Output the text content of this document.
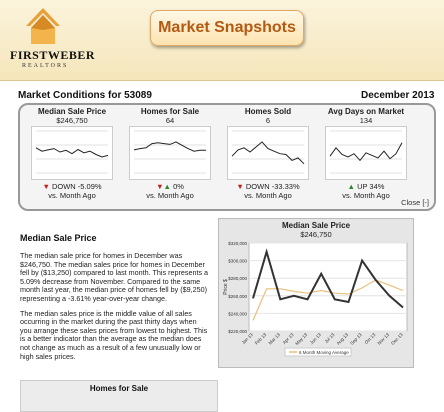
FIRSTWEBER
REALTORS
Market Snapshots
Market Conditions for 53089	December 2013
Median Sale Price
$246,750
▼ DOWN -5.09%
vs. Month Ago
Homes for Sale
64
▼▲ 0%
vs. Month Ago
Homes Sold
6
▼ DOWN -33.33%
vs. Month Ago
Avg Days on Market
134
▲ UP 34%
vs. Month Ago
Close [-]
Median Sale Price

The median sale price for homes in December was $246,750. The median sales price for homes in December fell by ($13,250) compared to last month. This represents a 5.09% decrease from November. Compared to the same month last year, the median price of homes fell by ($9,250) representing a -3.61% year-over-year change.

The median sales price is the middle value of all sales occurring in the market during the past thirty days when you arrange these sales prices from lowest to highest. This is a better indicator than the average as the median does not change as much as a result of a few unusually low or high sales prices.

Median Sale Price
$246,750
$220,000
$240,000
$260,000
$280,000
$300,000
$320,000
Price $
Jan 13 Feb 13 Mar 13 Apr 13 May 13 Jun 13 Jul 13 Aug 13 Sep 13 Oct 13 Nov 13 Dec 13
6 Month Moving Average
Homes for Sale
